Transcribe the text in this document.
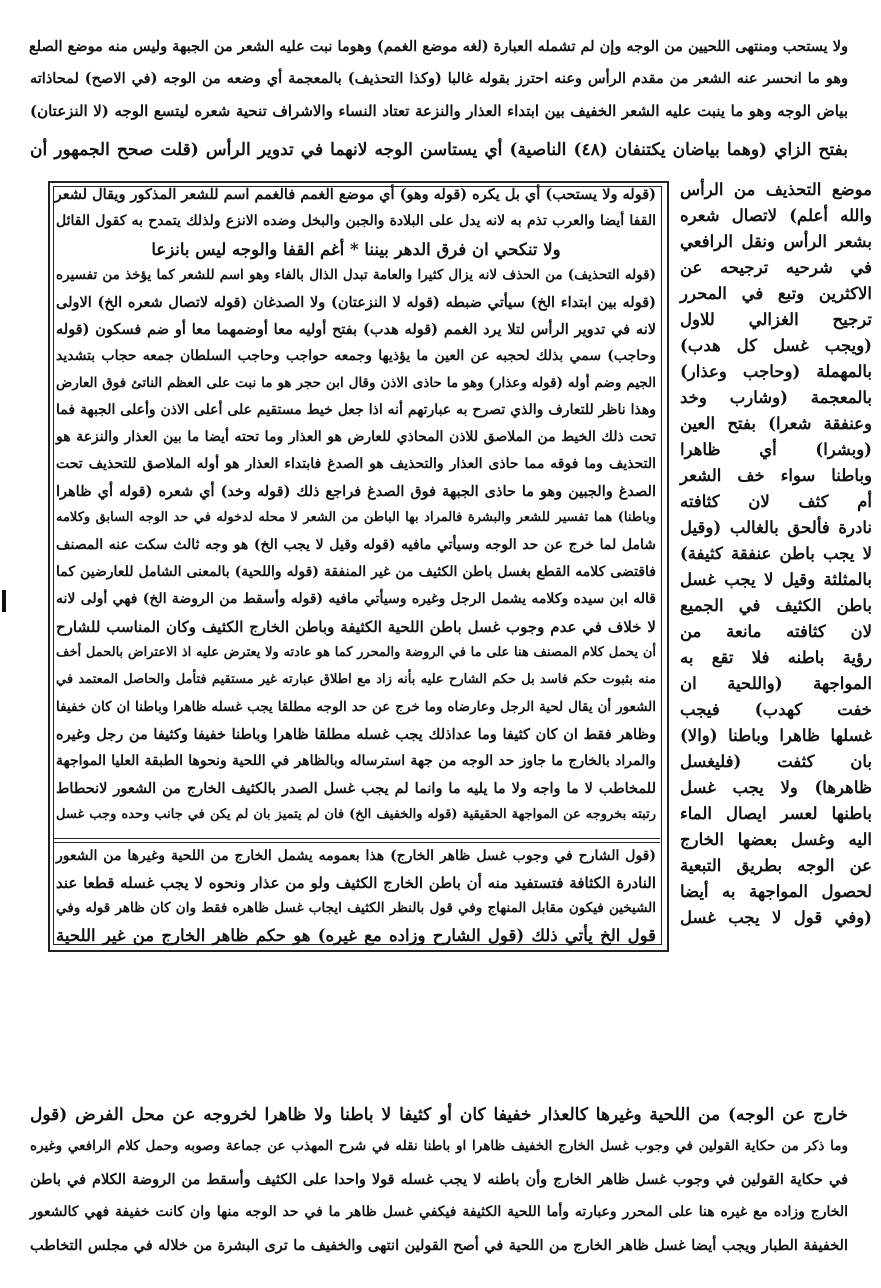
ولا يستحب ومنتهى اللحيين من الوجه وإن لم تشمله العبارة (لغه موضع الغمم) وهوما نبت عليه الشعر من الجبهة وليس منه موضع الصلع
وهو ما انحسر عنه الشعر من مقدم الرأس وعنه احترز بقوله غالبا (وكذا التحذيف) بالمعجمة أي وضعه من الوجه (في الاصح) لمحاذاته
بياض الوجه وهو ما ينبت عليه الشعر الخفيف بين ابتداء العذار والنزعة تعتاد النساء والاشراف تنحية شعره ليتسع الوجه (لا النزعتان)
بفتح الزاي (وهما بياضان يكتنفان (٤٨) الناصية) أي يستاسن الوجه لانهما في تدوير الرأس (قلت صحح الجمهور أن
موضع التحذيف من الرأس
والله أعلم) لاتصال شعره
بشعر الرأس ونقل الرافعي
في شرحيه ترجيحه عن
الاكثرين وتبع في المحرر
ترجيح الغزالي للاول
(ويجب غسل كل هدب)
بالمهملة (وحاجب وعذار)
بالمعجمة (وشارب وخد
وعنفقة شعرا) بفتح العين
(وبشرا) أي ظاهرا
وباطنا سواء خف الشعر
أم كثف لان كثافته
نادرة فألحق بالغالب (وقيل
لا يجب باطن عنفقة كثيفة)
بالمثلثة وقيل لا يجب غسل
باطن الكثيف في الجميع
لان كثافته مانعة من
رؤية باطنه فلا تقع به
المواجهة (واللحية ان
خفت كهدب) فيجب
غسلها ظاهرا وباطنا (والا)
بان كثفت (فليغسل
ظاهرها) ولا يجب غسل
باطنها لعسر ايصال الماء
اليه وغسل بعضها الخارج
عن الوجه بطريق التبعية
لحصول المواجهة به أيضا
(وفي قول لا يجب غسل
(قوله ولا يستحب) أي بل يكره (قوله وهو) أي موضع الغمم فالغمم اسم للشعر المذكور ويقال لشعر
القفا أيضا والعرب تذم به لانه يدل على البلادة والجبن والبخل وضده الانزع ولذلك يتمدح به كقول القائل
ولا تنكحي ان فرق الدهر بيننا * أغم القفا والوجه ليس بانزعا
(قوله التحذيف) من الحذف لانه يزال كثيرا والعامة تبدل الذال بالفاء وهو اسم للشعر كما يؤخذ من تفسيره
(قوله بين ابتداء الخ) سيأتي ضبطه (قوله لا النزعتان) ولا الصدغان (قوله لاتصال شعره الخ) الاولى
لانه في تدوير الرأس لتلا يرد الغمم (قوله هدب) بفتح أوليه معا أوضمهما معا أو ضم فسكون (قوله
وحاجب) سمي بذلك لحجبه عن العين ما يؤذيها وجمعه حواجب وحاجب السلطان جمعه حجاب بتشديد
الجيم وضم أوله (قوله وعذار) وهو ما حاذى الاذن وقال ابن حجر هو ما نبت على العظم الناتئ فوق العارض
وهذا ناظر للتعارف والذي تصرح به عبارتهم أنه اذا جعل خيط مستقيم على أعلى الاذن وأعلى الجبهة فما
تحت ذلك الخيط من الملاصق للاذن المحاذي للعارض هو العذار وما تحته أيضا ما بين العذار والنزعة هو
التحذيف وما فوقه مما حاذى العذار والتحذيف هو الصدغ فابتداء العذار هو أوله الملاصق للتحذيف تحت
الصدغ والجبين وهو ما حاذى الجبهة فوق الصدغ فراجع ذلك (قوله وخد) أي شعره (قوله أي ظاهرا
وباطنا) هما تفسير للشعر والبشرة فالمراد بها الباطن من الشعر لا محله لدخوله في حد الوجه السابق وكلامه
شامل لما خرج عن حد الوجه وسيأتي مافيه (قوله وقيل لا يجب الخ) هو وجه ثالث سكت عنه المصنف
فاقتضى كلامه القطع بغسل باطن الكثيف من غير المنفقة (قوله واللحية) بالمعنى الشامل للعارضين كما
قاله ابن سيده وكلامه يشمل الرجل وغيره وسيأتي مافيه (قوله وأسقط من الروضة الخ) فهي أولى لانه
لا خلاف في عدم وجوب غسل باطن اللحية الكثيفة وباطن الخارج الكثيف وكان المناسب للشارح
أن يحمل كلام المصنف هنا على ما في الروضة والمحرر كما هو عادته ولا يعترض عليه اذ الاعتراض بالحمل أخف
منه بثبوت حكم فاسد بل حكم الشارح عليه بأنه زاد مع اطلاق عبارته غير مستقيم فتأمل والحاصل المعتمد في
الشعور أن يقال لحية الرجل وعارضاه وما خرج عن حد الوجه مطلقا يجب غسله ظاهرا وباطنا ان كان خفيفا
وظاهر فقط ان كان كثيفا وما عداذلك يجب غسله مطلقا ظاهرا وباطنا خفيفا وكثيفا من رجل وغيره
والمراد بالخارج ما جاوز حد الوجه من جهة استرساله وبالظاهر في اللحية ونحوها الطبقة العليا المواجهة
للمخاطب لا ما واجه ولا ما يليه ما وانما لم يجب غسل الصدر بالكثيف الخارج من الشعور لانحطاط
رتبته بخروجه عن المواجهة الحقيقية (قوله والخفيف الخ) فان لم يتميز بان لم يكن في جانب وحده وجب غسل
(قول الشارح في وجوب غسل ظاهر الخارج) هذا بعمومه يشمل الخارج من اللحية وغيرها من الشعور
النادرة الكثافة فتستفيد منه أن باطن الخارج الكثيف ولو من عذار ونحوه لا يجب غسله قطعا عند
الشيخين فيكون مقابل المنهاج وفي قول بالنظر الكثيف ايجاب غسل ظاهره فقط وان كان ظاهر قوله وفي
قول الخ يأتي ذلك (قول الشارح وزاده مع غيره) هو حكم ظاهر الخارج من غير اللحية
خارج عن الوجه) من اللحية وغيرها كالعذار خفيفا كان أو كثيفا لا باطنا ولا ظاهرا لخروجه عن محل الفرض (قول
وما ذكر من حكاية القولين في وجوب غسل الخارج الخفيف ظاهرا او باطنا نقله في شرح المهذب عن جماعة وصوبه وحمل كلام الرافعي وغيره
في حكاية القولين في وجوب غسل ظاهر الخارج وأن باطنه لا يجب غسله قولا واحدا على الكثيف وأسقط من الروضة الكلام في باطن
الخارج وزاده مع غيره هنا على المحرر وعبارته وأما اللحية الكثيفة فيكفي غسل ظاهر ما في حد الوجه منها وان كانت خفيفة فهي كالشعور
الخفيفة الطبار ويجب أيضا غسل ظاهر الخارج من اللحية في أصح القولين انتهى والخفيف ما ترى البشرة من خلاله في مجلس التخاطب
